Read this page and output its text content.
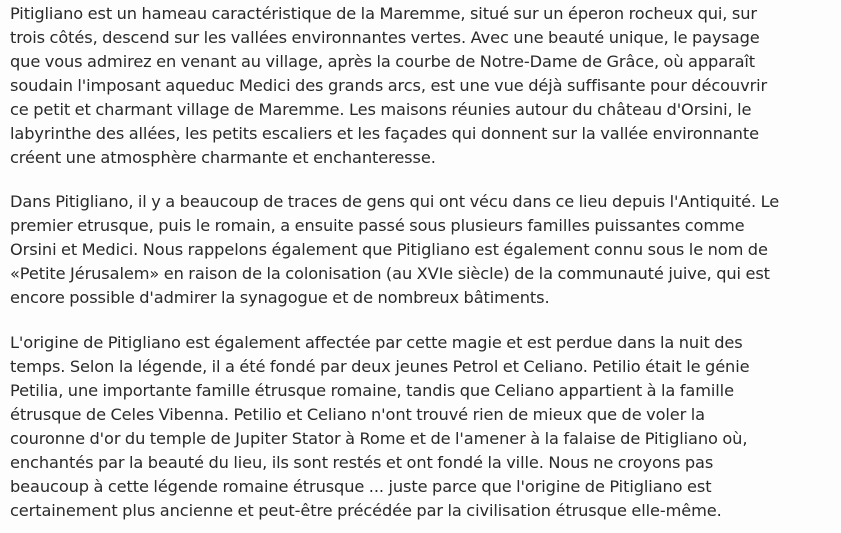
Pitigliano est un hameau caractéristique de la Maremme, situé sur un éperon rocheux qui, sur
trois côtés, descend sur les vallées environnantes vertes. Avec une beauté unique, le paysage
que vous admirez en venant au village, après la courbe de Notre-Dame de Grâce, où apparaît
soudain l'imposant aqueduc Medici des grands arcs, est une vue déjà suffisante pour découvrir
ce petit et charmant village de Maremme. Les maisons réunies autour du château d'Orsini, le
labyrinthe des allées, les petits escaliers et les façades qui donnent sur la vallée environnante
créent une atmosphère charmante et enchanteresse.
Dans Pitigliano, il y a beaucoup de traces de gens qui ont vécu dans ce lieu depuis l'Antiquité. Le
premier etrusque, puis le romain, a ensuite passé sous plusieurs familles puissantes comme
Orsini et Medici. Nous rappelons également que Pitigliano est également connu sous le nom de
«Petite Jérusalem» en raison de la colonisation (au XVIe siècle) de la communauté juive, qui est
encore possible d'admirer la synagogue et de nombreux bâtiments.
L'origine de Pitigliano est également affectée par cette magie et est perdue dans la nuit des
temps. Selon la légende, il a été fondé par deux jeunes Petrol et Celiano. Petilio était le génie
Petilia, une importante famille étrusque romaine, tandis que Celiano appartient à la famille
étrusque de Celes Vibenna. Petilio et Celiano n'ont trouvé rien de mieux que de voler la
couronne d'or du temple de Jupiter Stator à Rome et de l'amener à la falaise de Pitigliano où,
enchantés par la beauté du lieu, ils sont restés et ont fondé la ville. Nous ne croyons pas
beaucoup à cette légende romaine étrusque ... juste parce que l'origine de Pitigliano est
certainement plus ancienne et peut-être précédée par la civilisation étrusque elle-même.
